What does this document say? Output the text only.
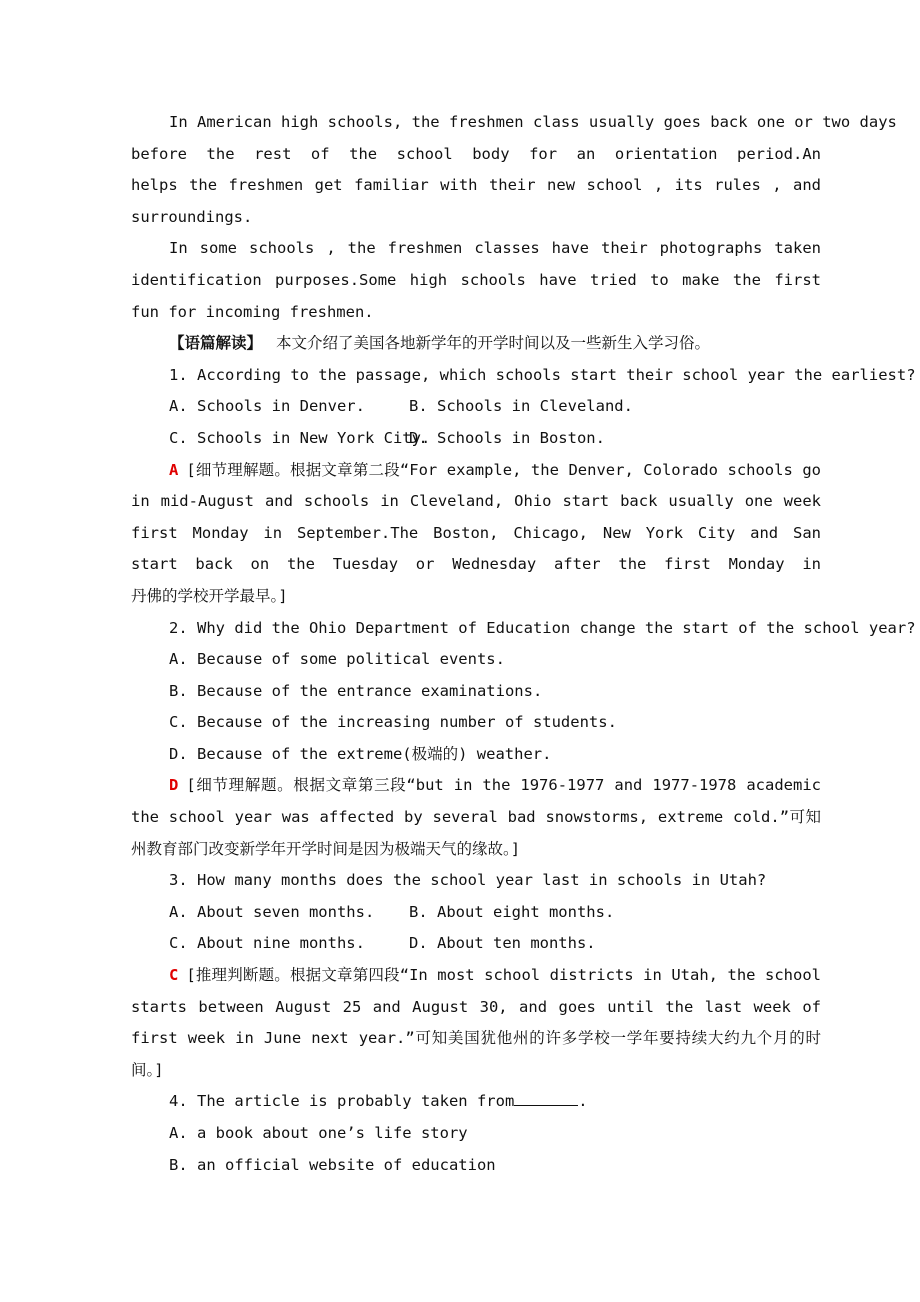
In American high schools, the freshmen class usually goes back one or two days
before the rest of the school body for an orientation period.An
helps the freshmen get familiar with their new school , its rules , and
surroundings.
In some schools , the freshmen classes have their photographs taken
identification purposes.Some high schools have tried to make the first
fun for incoming freshmen.
【语篇解读】 本文介绍了美国各地新学年的开学时间以及一些新生入学习俗。
1. According to the passage, which schools start their school year the earliest?
A. Schools in Denver.	B. Schools in Cleveland.
C. Schools in New York City.D. Schools in Boston.
A [细节理解题。根据文章第二段“For example, the Denver, Colorado schools go
in mid-August and schools in Cleveland, Ohio start back usually one week
first Monday in September.The Boston, Chicago, New York City and San
start back on the Tuesday or Wednesday after the first Monday in
丹佛的学校开学最早。]
2. Why did the Ohio Department of Education change the start of the school year?
A. Because of some political events.
B. Because of the entrance examinations.
C. Because of the increasing number of students.
D. Because of the extreme(极端的) weather.
D [细节理解题。根据文章第三段“but in the 1976-1977 and 1977-1978 academic
the school year was affected by several bad snowstorms, extreme cold.”可知
州教育部门改变新学年开学时间是因为极端天气的缘故。]
3. How many months does the school year last in schools in Utah?
A. About seven months. B. About eight months.
C. About nine months.	D. About ten months.
C [推理判断题。根据文章第四段“In most school districts in Utah, the school
starts between August 25 and August 30, and goes until the last week of
first week in June next year.”可知美国犹他州的许多学校一学年要持续大约九个月的时
间。]
4. The article is probably taken from	.
A. a book about one’s life story
B. an official website of education
